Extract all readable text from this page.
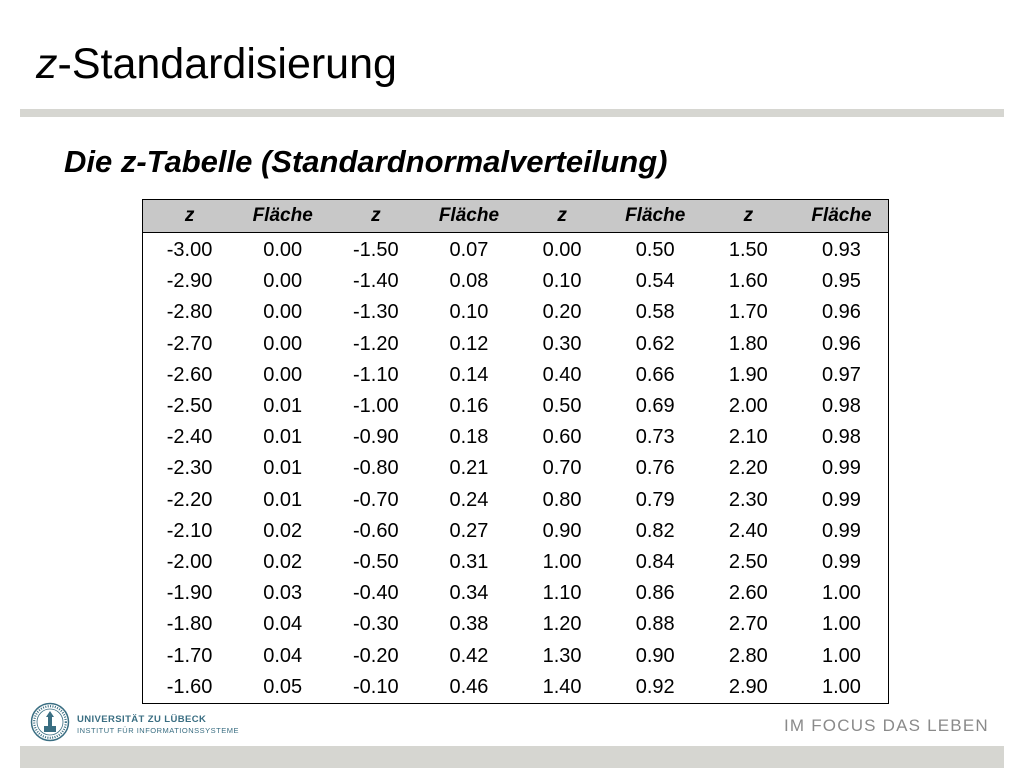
z-Standardisierung
Die z-Tabelle (Standardnormalverteilung)
z	Fläche	z	Fläche	z	Fläche	z	Fläche
-3.00	0.00	-1.50	0.07	0.00	0.50	1.50	0.93
-2.90	0.00	-1.40	0.08	0.10	0.54	1.60	0.95
-2.80	0.00	-1.30	0.10	0.20	0.58	1.70	0.96
-2.70	0.00	-1.20	0.12	0.30	0.62	1.80	0.96
-2.60	0.00	-1.10	0.14	0.40	0.66	1.90	0.97
-2.50	0.01	-1.00	0.16	0.50	0.69	2.00	0.98
-2.40	0.01	-0.90	0.18	0.60	0.73	2.10	0.98
-2.30	0.01	-0.80	0.21	0.70	0.76	2.20	0.99
-2.20	0.01	-0.70	0.24	0.80	0.79	2.30	0.99
-2.10	0.02	-0.60	0.27	0.90	0.82	2.40	0.99
-2.00	0.02	-0.50	0.31	1.00	0.84	2.50	0.99
-1.90	0.03	-0.40	0.34	1.10	0.86	2.60	1.00
-1.80	0.04	-0.30	0.38	1.20	0.88	2.70	1.00
-1.70	0.04	-0.20	0.42	1.30	0.90	2.80	1.00
-1.60	0.05	-0.10	0.46	1.40	0.92	2.90	1.00
UNIVERSITÄT ZU LÜBECK
INSTITUT FÜR INFORMATIONSSYSTEME	IM FOCUS DAS LEBEN
